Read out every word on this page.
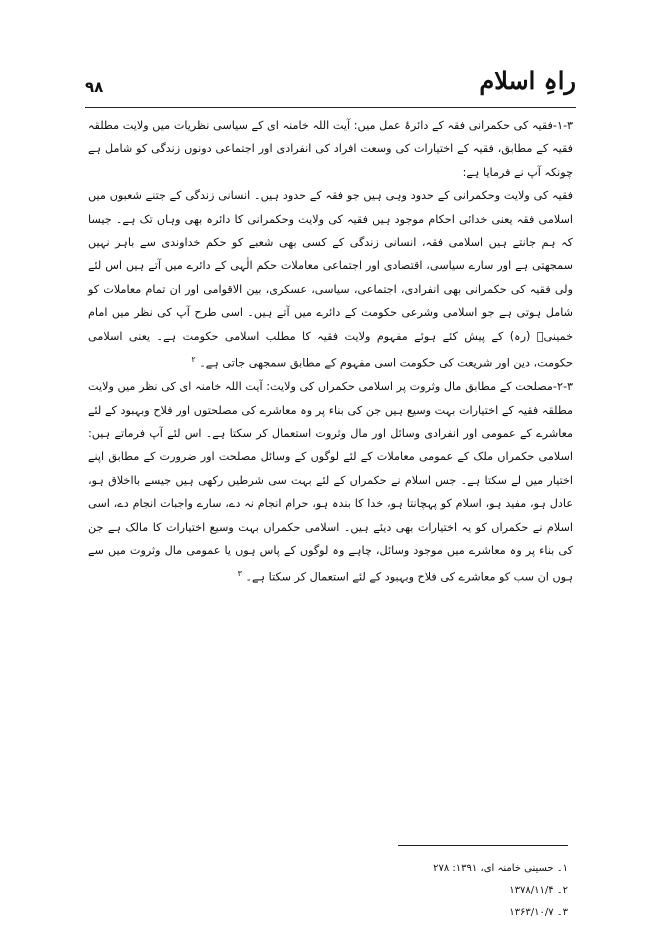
راہِ اسلام
۹۸

۱-۳-فقیہ کی حکمرانی فقہ کے دائرۂ عمل میں: آیت اللہ خامنہ ای کے سیاسی نظریات میں ولایت مطلقہ فقیہ کے مطابق، فقیہ کے اختیارات کی وسعت افراد کی انفرادی اور اجتماعی دونوں زندگی کو شامل ہے چونکہ آپ نے فرمایا ہے:

فقیہ کی ولایت وحکمرانی کے حدود وہی ہیں جو فقہ کے حدود ہیں۔ انسانی زندگی کے جتنے شعبوں میں اسلامی فقہ یعنی خدائی احکام موجود ہیں فقیہ کی ولایت وحکمرانی کا دائرہ بھی وہاں تک ہے۔ جیسا کہ ہم جانتے ہیں اسلامی فقہ، انسانی زندگی کے کسی بھی شعبے کو حکم خداوندی سے باہر نہیں سمجھتی ہے اور سارے سیاسی، اقتصادی اور اجتماعی معاملات حکم الٰہی کے دائرے میں آتے ہیں اس لئے ولی فقیہ کی حکمرانی بھی انفرادی، اجتماعی، سیاسی، عسکری، بین الاقوامی اور ان تمام معاملات کو شامل ہوتی ہے جو اسلامی وشرعی حکومت کے دائرے میں آتے ہیں۔ اسی طرح آپ کی نظر میں امام خمینیؒ (رہ) کے پیش کئے ہوئے مفہوم ولایت فقیہ کا مطلب اسلامی حکومت ہے۔ یعنی اسلامی حکومت، دین اور شریعت کی حکومت اسی مفہوم کے مطابق سمجھی جاتی ہے۔ $^۲$

۲-۳-مصلحت کے مطابق مال وثروت پر اسلامی حکمراں کی ولایت: آیت اللہ خامنہ ای کی نظر میں ولایت مطلقہ فقیہ کے اختیارات بہت وسیع ہیں جن کی بناء پر وہ معاشرے کی مصلحتوں اور فلاح وبہبود کے لئے معاشرے کے عمومی اور انفرادی وسائل اور مال وثروت استعمال کر سکتا ہے۔ اس لئے آپ فرماتے ہیں: اسلامی حکمراں ملک کے عمومی معاملات کے لئے لوگوں کے وسائل مصلحت اور ضرورت کے مطابق اپنے اختیار میں لے سکتا ہے۔ جس اسلام نے حکمراں کے لئے بہت سی شرطیں رکھی ہیں جیسے بااخلاق ہو، عادل ہو، مفید ہو، اسلام کو پہچانتا ہو، خدا کا بندہ ہو، حرام انجام نہ دے، سارے واجبات انجام دے، اسی اسلام نے حکمراں کو یہ اختیارات بھی دیئے ہیں۔ اسلامی حکمراں بہت وسیع اختیارات کا مالک ہے جن کی بناء پر وہ معاشرے میں موجود وسائل، چاہے وہ لوگوں کے پاس ہوں یا عمومی مال وثروت میں سے ہوں ان سب کو معاشرے کی فلاح وبہبود کے لئے استعمال کر سکتا ہے۔ $^۳$

۱۔ حسینی خامنہ ای، ۱۳۹۱: ۲۷۸
۲۔ ۱۳۷۸/۱۱/۴
۳۔ ۱۳۶۳/۱۰/۷
